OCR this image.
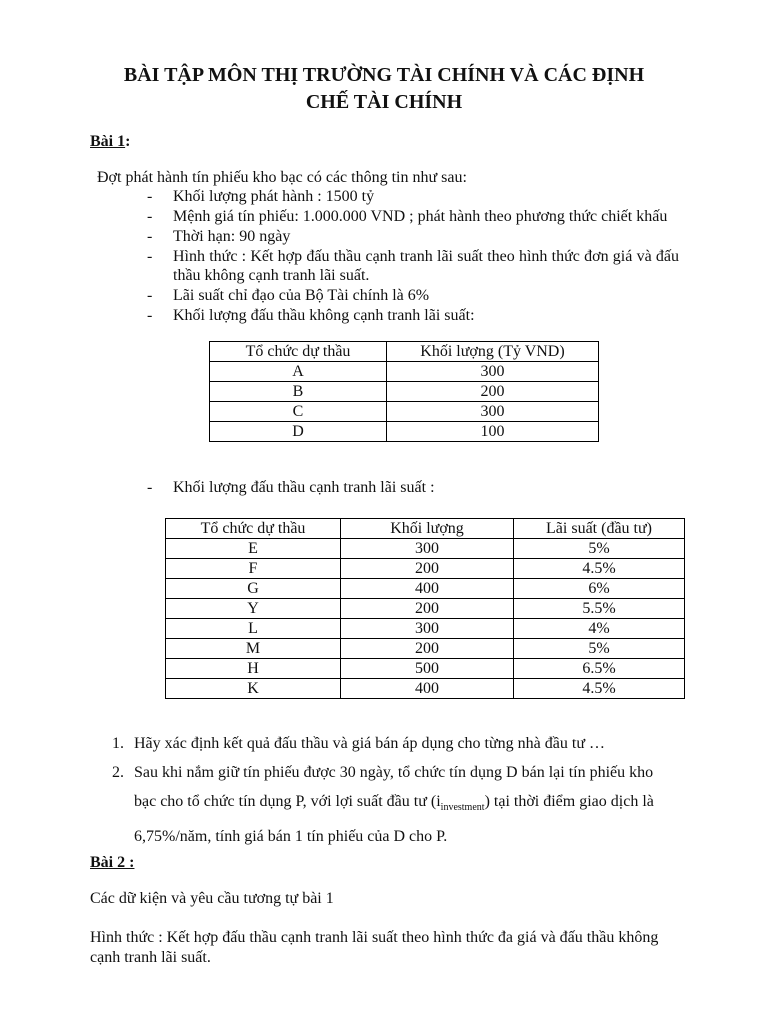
BÀI TẬP MÔN THỊ TRƯỜNG TÀI CHÍNH VÀ CÁC ĐỊNH
CHẾ TÀI CHÍNH
Bài 1:
Đợt phát hành tín phiếu kho bạc có các thông tin như sau:
- Khối lượng phát hành : 1500 tỷ
- Mệnh giá tín phiếu: 1.000.000 VND ; phát hành theo phương thức chiết khấu
- Thời hạn: 90 ngày
- Hình thức : Kết hợp đấu thầu cạnh tranh lãi suất theo hình thức đơn giá và đấu thầu không cạnh tranh lãi suất.
- Lãi suất chỉ đạo của Bộ Tài chính là 6%
- Khối lượng đấu thầu không cạnh tranh lãi suất:
Tổ chức dự thầu	Khối lượng (Tỷ VND)
A	300
B	200
C	300
D	100
- Khối lượng đấu thầu cạnh tranh lãi suất :
Tổ chức dự thầu	Khối lượng	Lãi suất (đầu tư)
E	300	5%
F	200	4.5%
G	400	6%
Y	200	5.5%
L	300	4%
M	200	5%
H	500	6.5%
K	400	4.5%
1. Hãy xác định kết quả đấu thầu và giá bán áp dụng cho từng nhà đầu tư …
2. Sau khi nắm giữ tín phiếu được 30 ngày, tổ chức tín dụng D bán lại tín phiếu kho
bạc cho tổ chức tín dụng P, với lợi suất đầu tư $(i_{investment})$ tại thời điểm giao dịch là
6,75%/năm, tính giá bán 1 tín phiếu của D cho P.
Bài 2 :
Các dữ kiện và yêu cầu tương tự bài 1
Hình thức : Kết hợp đấu thầu cạnh tranh lãi suất theo hình thức đa giá và đấu thầu không
cạnh tranh lãi suất.
